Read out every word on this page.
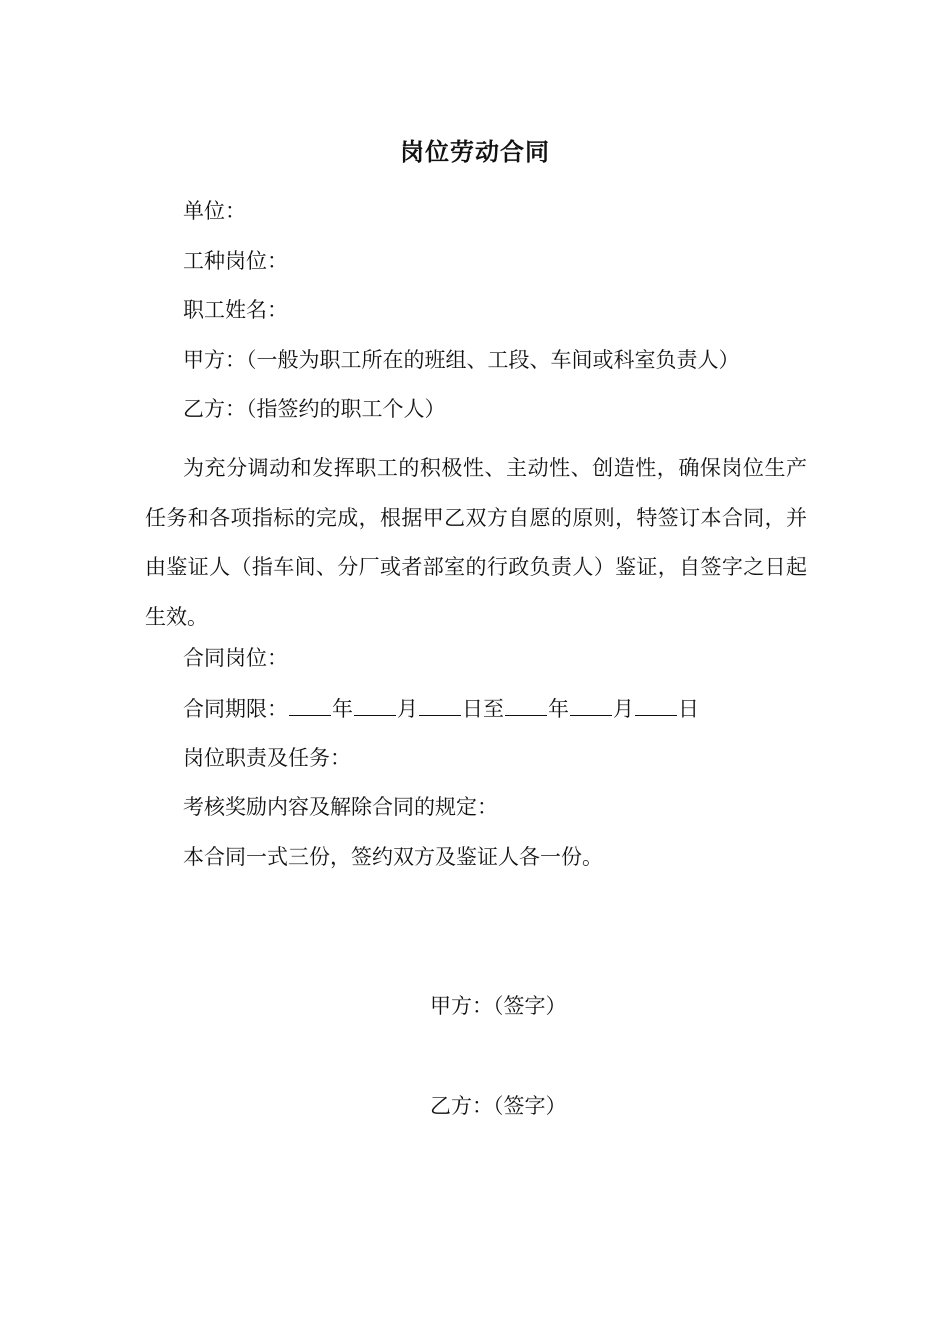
岗位劳动合同
单位：
工种岗位：
职工姓名：
甲方：（一般为职工所在的班组、工段、车间或科室负责人）
乙方：（指签约的职工个人）
为充分调动和发挥职工的积极性、主动性、创造性，确保岗位生产任务和各项指标的完成，根据甲乙双方自愿的原则，特签订本合同，并由鉴证人（指车间、分厂或者部室的行政负责人）鉴证，自签字之日起生效。
合同岗位：
合同期限： 年 月 日至 年 月 日
岗位职责及任务：
考核奖励内容及解除合同的规定：
本合同一式三份，签约双方及鉴证人各一份。
甲方：（签字）
乙方：（签字）
